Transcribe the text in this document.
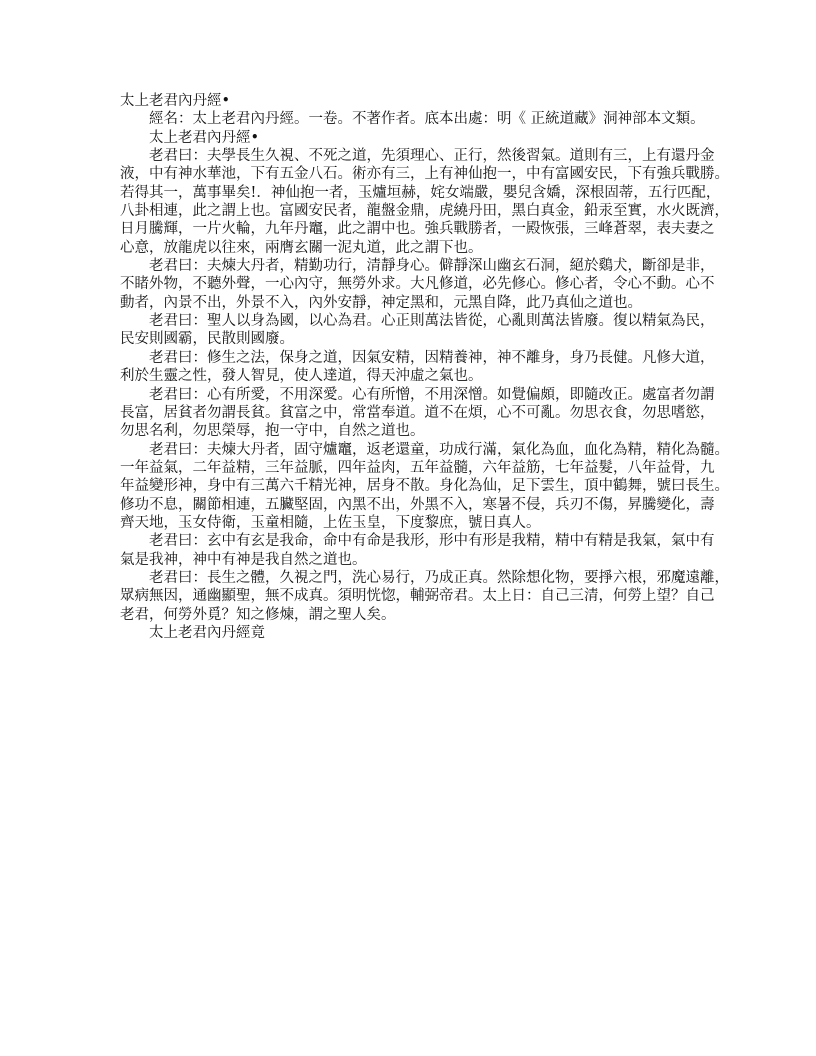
太上老君內丹經•
經名：太上老君內丹經。一卷。不著作者。底本出處：明《 正統道藏》洞神部本文類。
太上老君內丹經•
老君曰：夫學長生久視、不死之道，先須理心、正行，然後習氣。道則有三，上有還丹金
液，中有神水華池，下有五金八石。術亦有三，上有神仙抱一，中有富國安民，下有強兵戰勝。
若得其一，萬事畢矣!．神仙抱一者，玉爐垣赫，姹女端嚴，嬰兒含嬌，深根固蒂，五行匹配，
八卦相連，此之謂上也。富國安民者，龍盤金鼎，虎繞丹田，黑白真金，鉛汞至實，水火既濟，
日月騰輝，一片火輪，九年丹竈，此之謂中也。強兵戰勝者，一殿恢張，三峰蒼翠，表夫妻之
心意，放龍虎以往來，兩膺玄關一泥丸道，此之謂下也。
老君曰：夫煉大丹者，精勤功行，清靜身心。僻靜深山幽玄石洞，絕於鷄犬，斷卻是非，
不睹外物，不聽外聲，一心內守，無勞外求。大凡修道，必先修心。修心者，令心不動。心不
動者，內景不出，外景不入，內外安靜，神定黑和，元黑自降，此乃真仙之道也。
老君曰：聖人以身為國，以心為君。心正則萬法皆從，心亂則萬法皆廢。復以精氣為民，
民安則國霸，民散則國廢。
老君曰：修生之法，保身之道，因氣安精，因精養神，神不離身，身乃長健。凡修大道，
利於生靈之性，發人智見，使人達道，得天沖虛之氣也。
老君曰：心有所愛，不用深愛。心有所憎，不用深憎。如覺偏頗，即隨改正。處富者勿謂
長富，居貧者勿謂長貧。貧富之中，常當奉道。道不在煩，心不可亂。勿思衣食，勿思嗜慾，
勿思名利，勿思榮辱，抱一守中，自然之道也。
老君曰：夫煉大丹者，固守爐竈，返老還童，功成行滿，氣化為血，血化為精，精化為髓。
一年益氣，二年益精，三年益脈，四年益肉，五年益髓，六年益筋，七年益髮，八年益骨，九
年益變形神，身中有三萬六千精光神，居身不散。身化為仙，足下雲生，頂中鶴舞，號曰長生。
修功不息，關節相連，五臟堅固，內黑不出，外黑不入，寒暑不侵，兵刃不傷，昇騰變化，壽
齊天地，玉女侍衛，玉童相隨，上佐玉皇，下度黎庶，號日真人。
老君曰：玄中有玄是我命，命中有命是我形，形中有形是我精，精中有精是我氣，氣中有
氣是我神，神中有神是我自然之道也。
老君曰：長生之體，久視之門，洗心易行，乃成正真。然除想化物，要掙六根，邪魔遠離，
眾病無因，通幽顯聖，無不成真。須明恍惚，輔弼帝君。太上日：自己三清，何勞上望？自己
老君，何勞外覓？知之修煉，謂之聖人矣。
太上老君內丹經竟
